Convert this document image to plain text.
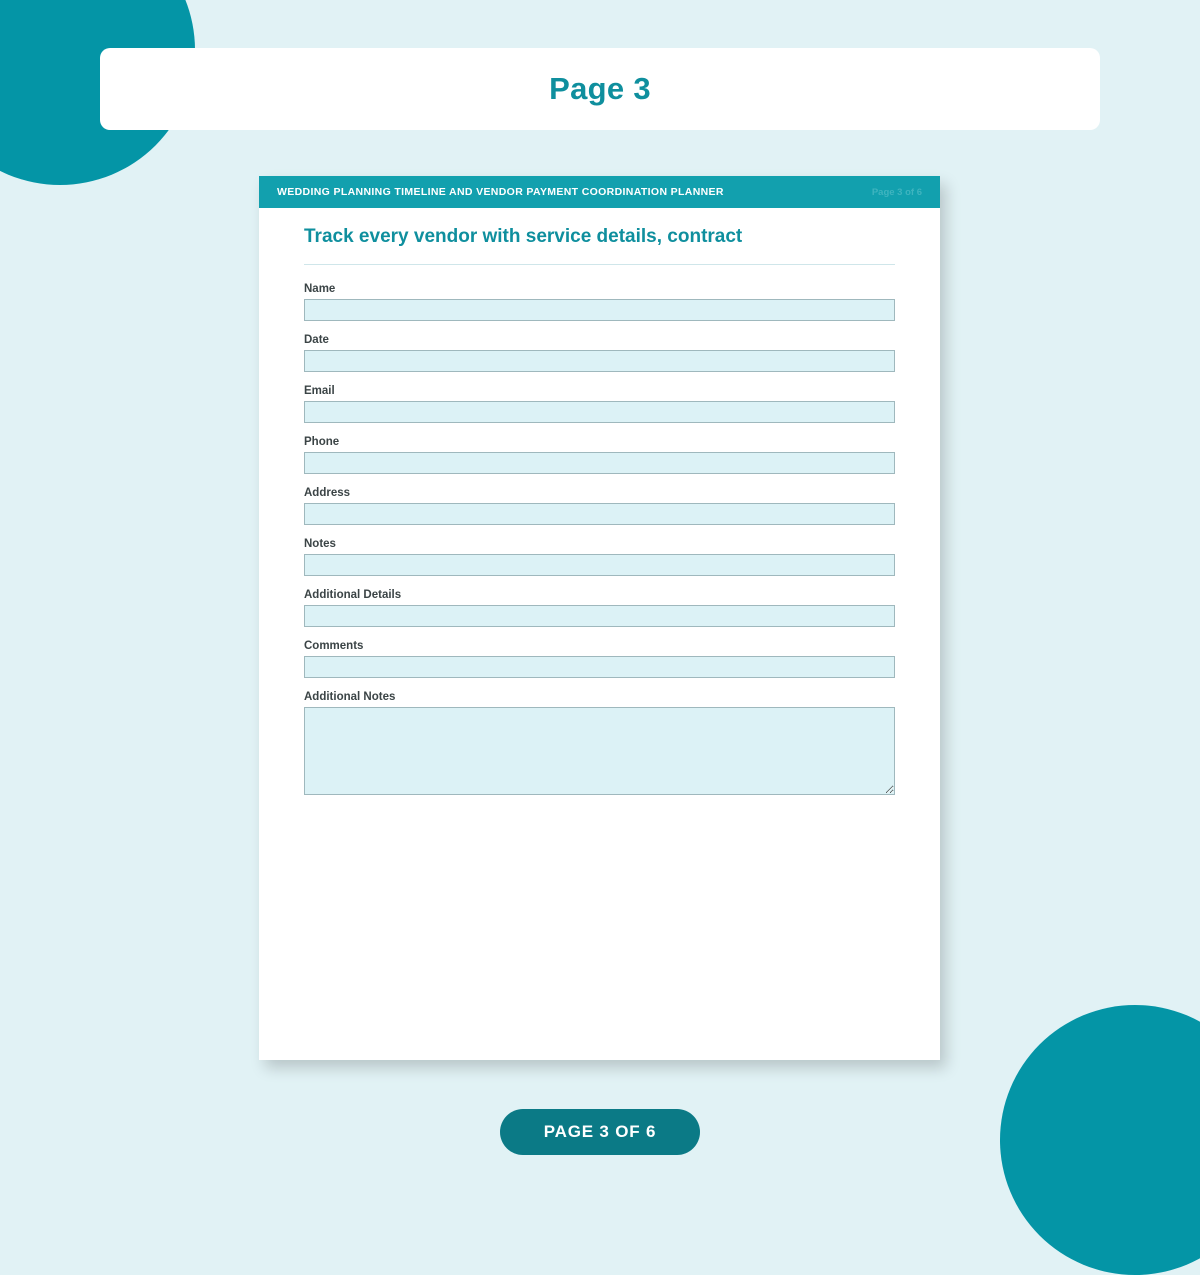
Page 3
WEDDING PLANNING TIMELINE AND VENDOR PAYMENT COORDINATION PLANNER	Page 3 of 6
Track every vendor with service details, contract
Name
Date
Email
Phone
Address
Notes
Additional Details
Comments
Additional Notes
PAGE 3 OF 6
